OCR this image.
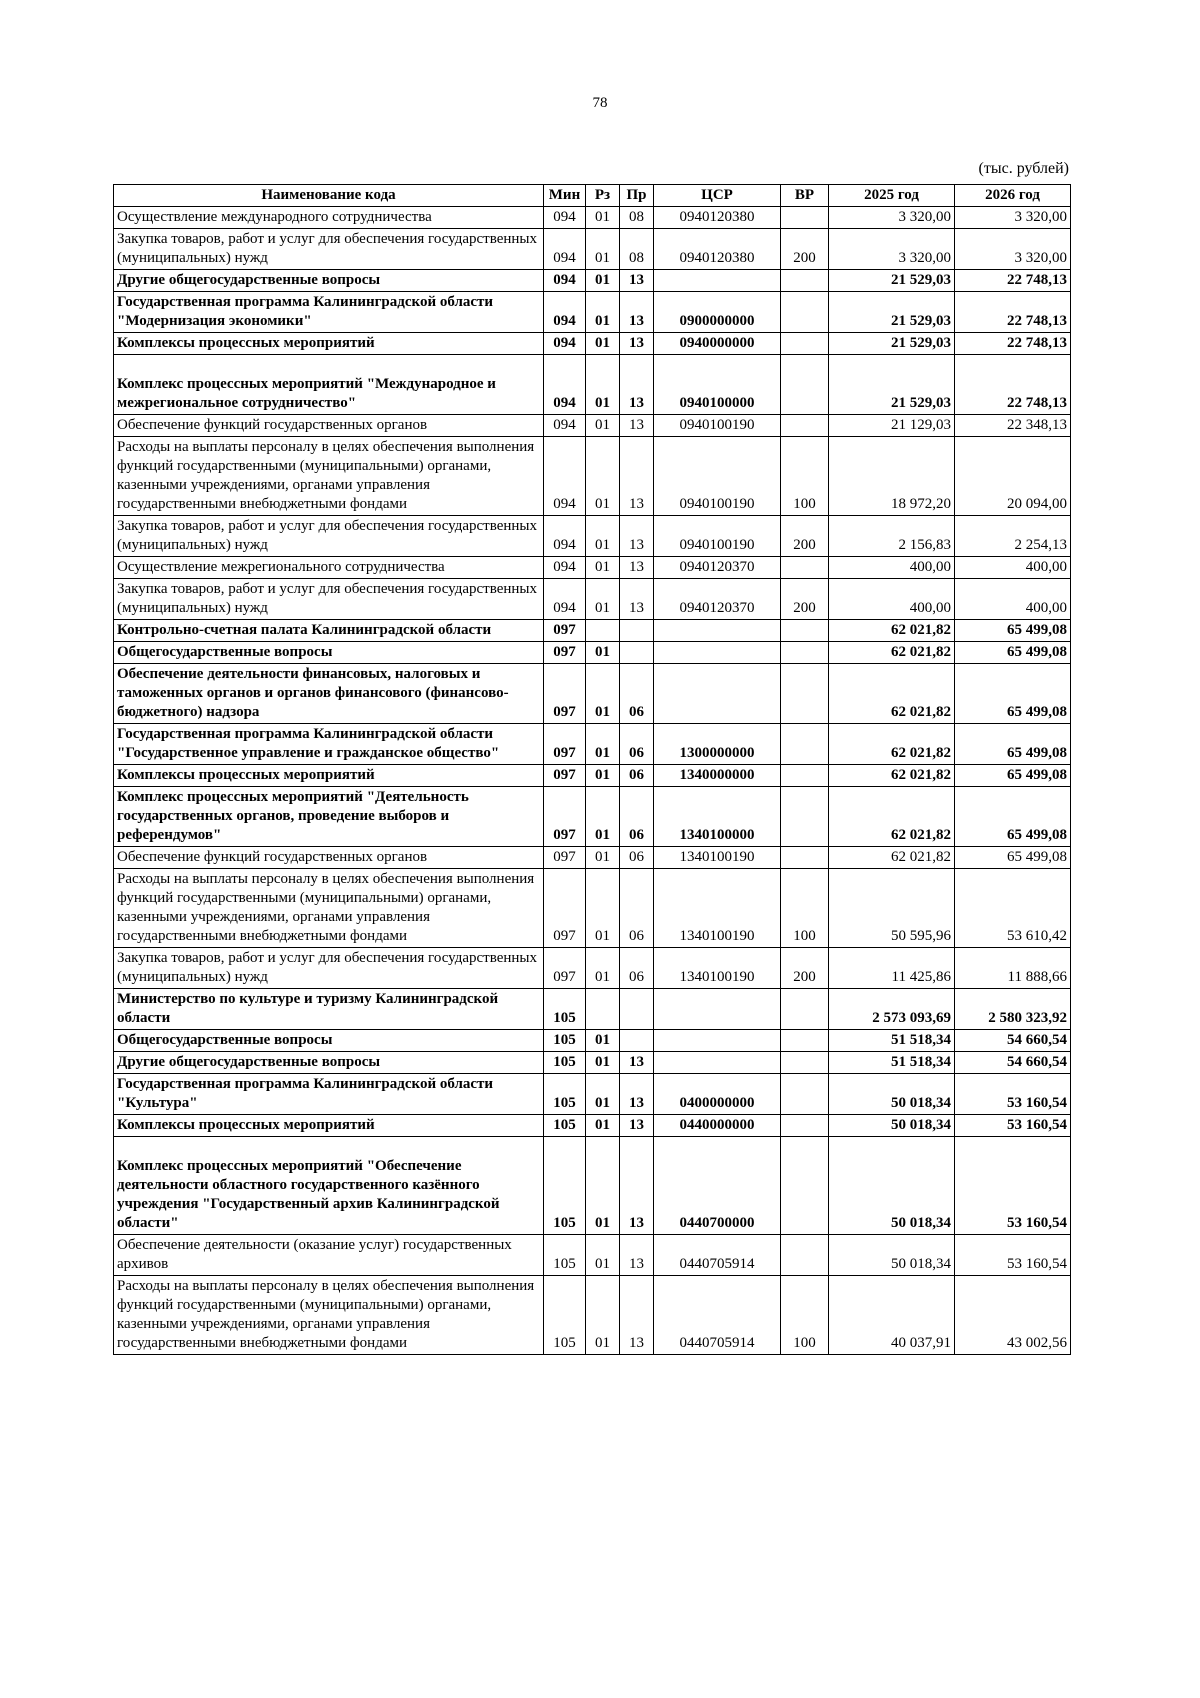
78
(тыс. рублей)
Наименование кода	Мин	Рз	Пр	ЦСР	ВР	2025 год	2026 год
Осуществление международного сотрудничества	094	01	08	0940120380		3 320,00	3 320,00
Закупка товаров, работ и услуг для обеспечения государственных (муниципальных) нужд	094	01	08	0940120380	200	3 320,00	3 320,00
Другие общегосударственные вопросы	094	01	13			21 529,03	22 748,13
Государственная программа Калининградской области "Модернизация экономики"	094	01	13	0900000000		21 529,03	22 748,13
Комплексы процессных мероприятий	094	01	13	0940000000		21 529,03	22 748,13
Комплекс процессных мероприятий "Международное и межрегиональное сотрудничество"	094	01	13	0940100000		21 529,03	22 748,13
Обеспечение функций государственных органов	094	01	13	0940100190		21 129,03	22 348,13
Расходы на выплаты персоналу в целях обеспечения выполнения функций государственными (муниципальными) органами, казенными учреждениями, органами управления государственными внебюджетными фондами	094	01	13	0940100190	100	18 972,20	20 094,00
Закупка товаров, работ и услуг для обеспечения государственных (муниципальных) нужд	094	01	13	0940100190	200	2 156,83	2 254,13
Осуществление межрегионального сотрудничества	094	01	13	0940120370		400,00	400,00
Закупка товаров, работ и услуг для обеспечения государственных (муниципальных) нужд	094	01	13	0940120370	200	400,00	400,00
Контрольно-счетная палата Калининградской области	097					62 021,82	65 499,08
Общегосударственные вопросы	097	01				62 021,82	65 499,08
Обеспечение деятельности финансовых, налоговых и таможенных органов и органов финансового (финансово-бюджетного) надзора	097	01	06			62 021,82	65 499,08
Государственная программа Калининградской области "Государственное управление и гражданское общество"	097	01	06	1300000000		62 021,82	65 499,08
Комплексы процессных мероприятий	097	01	06	1340000000		62 021,82	65 499,08
Комплекс процессных мероприятий "Деятельность государственных органов, проведение выборов и референдумов"	097	01	06	1340100000		62 021,82	65 499,08
Обеспечение функций государственных органов	097	01	06	1340100190		62 021,82	65 499,08
Расходы на выплаты персоналу в целях обеспечения выполнения функций государственными (муниципальными) органами, казенными учреждениями, органами управления государственными внебюджетными фондами	097	01	06	1340100190	100	50 595,96	53 610,42
Закупка товаров, работ и услуг для обеспечения государственных (муниципальных) нужд	097	01	06	1340100190	200	11 425,86	11 888,66
Министерство по культуре и туризму Калининградской области	105					2 573 093,69	2 580 323,92
Общегосударственные вопросы	105	01				51 518,34	54 660,54
Другие общегосударственные вопросы	105	01	13			51 518,34	54 660,54
Государственная программа Калининградской области "Культура"	105	01	13	0400000000		50 018,34	53 160,54
Комплексы процессных мероприятий	105	01	13	0440000000		50 018,34	53 160,54
Комплекс процессных мероприятий "Обеспечение деятельности областного государственного казённого учреждения "Государственный архив Калининградской области"	105	01	13	0440700000		50 018,34	53 160,54
Обеспечение деятельности (оказание услуг) государственных архивов	105	01	13	0440705914		50 018,34	53 160,54
Расходы на выплаты персоналу в целях обеспечения выполнения функций государственными (муниципальными) органами, казенными учреждениями, органами управления государственными внебюджетными фондами	105	01	13	0440705914	100	40 037,91	43 002,56
